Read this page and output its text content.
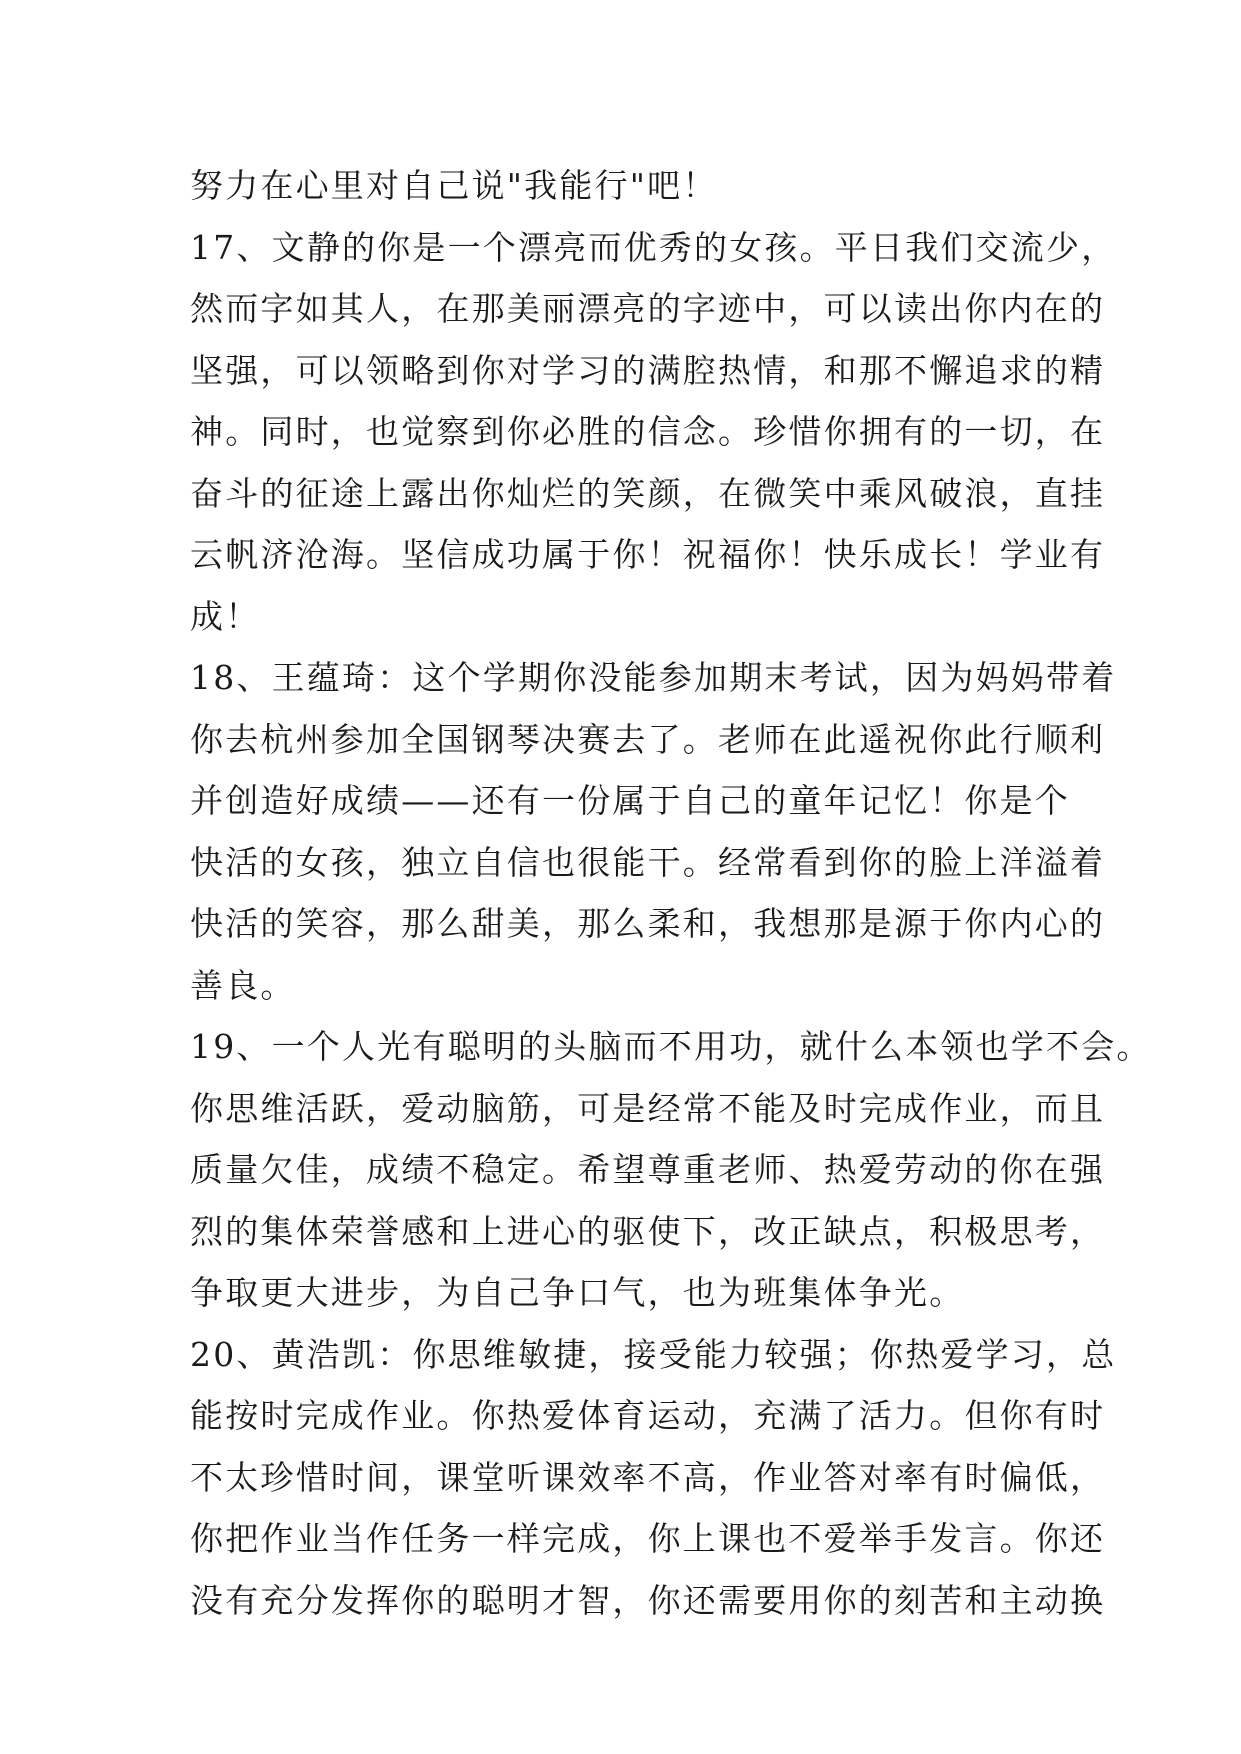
努力在心里对自己说"我能行"吧！
17、文静的你是一个漂亮而优秀的女孩。平日我们交流少，
然而字如其人，在那美丽漂亮的字迹中，可以读出你内在的
坚强，可以领略到你对学习的满腔热情，和那不懈追求的精
神。同时，也觉察到你必胜的信念。珍惜你拥有的一切，在
奋斗的征途上露出你灿烂的笑颜，在微笑中乘风破浪，直挂
云帆济沧海。坚信成功属于你！祝福你！快乐成长！学业有
成！
18、王蕴琦：这个学期你没能参加期末考试，因为妈妈带着
你去杭州参加全国钢琴决赛去了。老师在此遥祝你此行顺利
并创造好成绩——还有一份属于自己的童年记忆！你是个
快活的女孩，独立自信也很能干。经常看到你的脸上洋溢着
快活的笑容，那么甜美，那么柔和，我想那是源于你内心的
善良。
19、一个人光有聪明的头脑而不用功，就什么本领也学不会。
你思维活跃，爱动脑筋，可是经常不能及时完成作业，而且
质量欠佳，成绩不稳定。希望尊重老师、热爱劳动的你在强
烈的集体荣誉感和上进心的驱使下，改正缺点，积极思考，
争取更大进步，为自己争口气，也为班集体争光。
20、黄浩凯：你思维敏捷，接受能力较强；你热爱学习，总
能按时完成作业。你热爱体育运动，充满了活力。但你有时
不太珍惜时间，课堂听课效率不高，作业答对率有时偏低，
你把作业当作任务一样完成，你上课也不爱举手发言。你还
没有充分发挥你的聪明才智，你还需要用你的刻苦和主动换
